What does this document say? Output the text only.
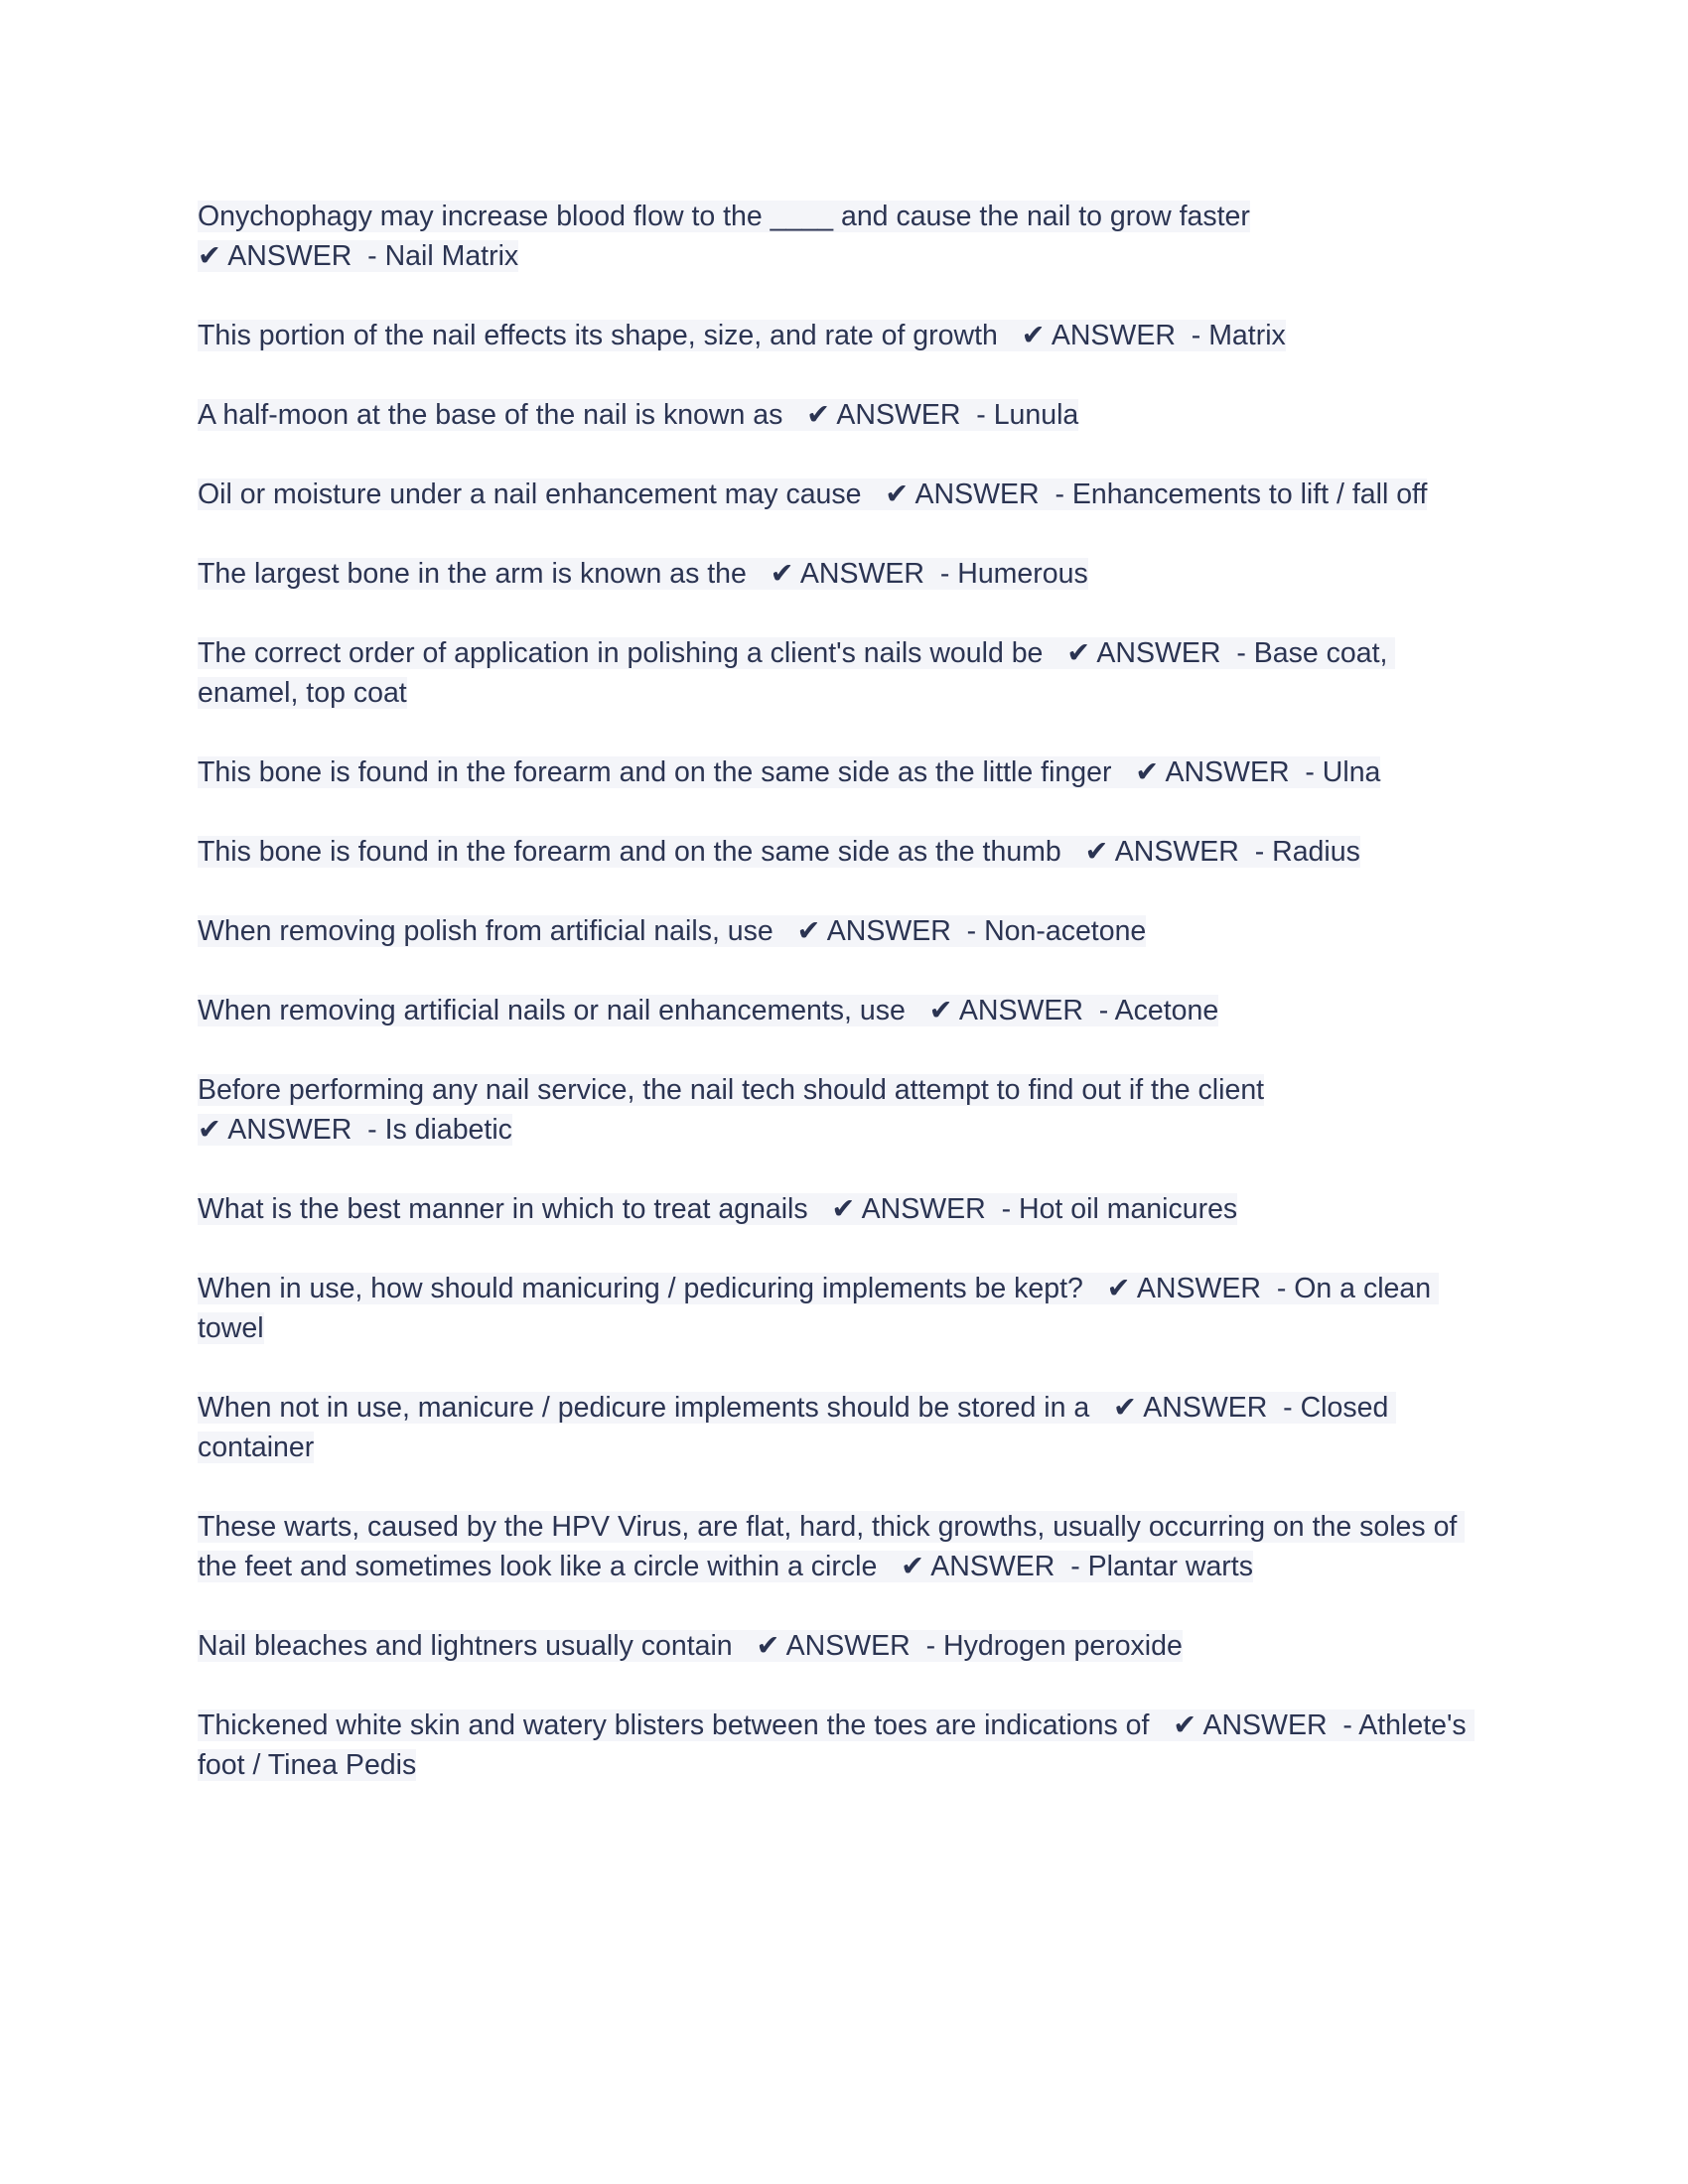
Onychophagy may increase blood flow to the ____ and cause the nail to grow faster
✔ ANSWER  - Nail Matrix
This portion of the nail effects its shape, size, and rate of growth ✔ ANSWER  - Matrix
A half-moon at the base of the nail is known as ✔ ANSWER  - Lunula
Oil or moisture under a nail enhancement may cause ✔ ANSWER  - Enhancements to lift / fall off
The largest bone in the arm is known as the ✔ ANSWER  - Humerous
The correct order of application in polishing a client's nails would be ✔ ANSWER  - Base coat, enamel, top coat
This bone is found in the forearm and on the same side as the little finger ✔ ANSWER  - Ulna
This bone is found in the forearm and on the same side as the thumb ✔ ANSWER  - Radius
When removing polish from artificial nails, use ✔ ANSWER  - Non-acetone
When removing artificial nails or nail enhancements, use ✔ ANSWER  - Acetone
Before performing any nail service, the nail tech should attempt to find out if the client
✔ ANSWER  - Is diabetic
What is the best manner in which to treat agnails ✔ ANSWER  - Hot oil manicures
When in use, how should manicuring / pedicuring implements be kept? ✔ ANSWER  - On a clean towel
When not in use, manicure / pedicure implements should be stored in a ✔ ANSWER  - Closed container
These warts, caused by the HPV Virus, are flat, hard, thick growths, usually occurring on the soles of the feet and sometimes look like a circle within a circle ✔ ANSWER  - Plantar warts
Nail bleaches and lightners usually contain ✔ ANSWER  - Hydrogen peroxide
Thickened white skin and watery blisters between the toes are indications of ✔ ANSWER  - Athlete's foot / Tinea Pedis
